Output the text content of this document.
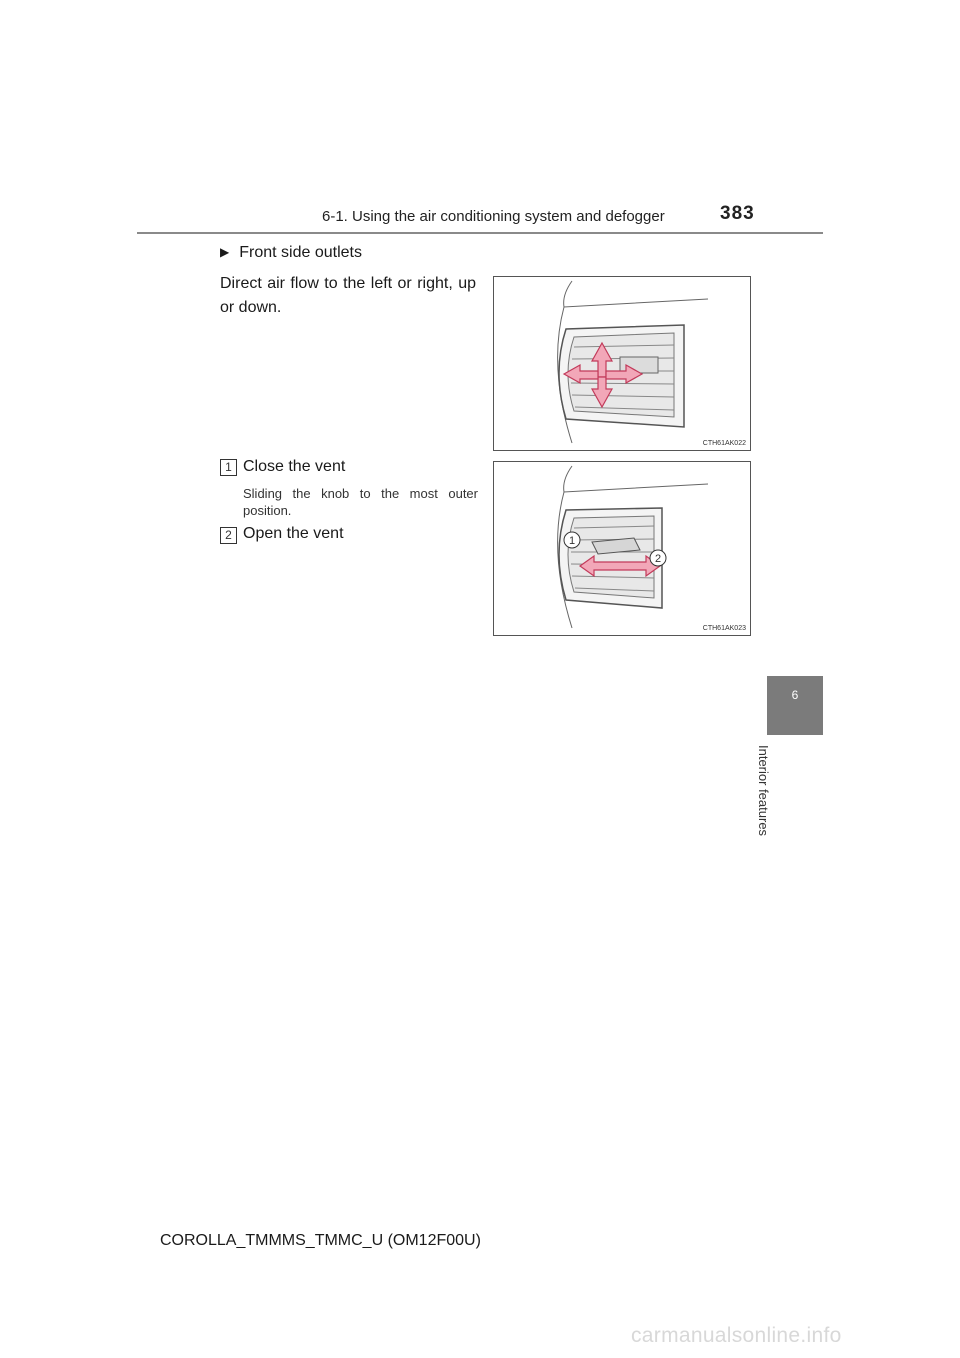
6-1. Using the air conditioning system and defogger	383
6
Interior features
▶ Front side outlets
Direct air flow to the left or right, up or down.
1 Close the vent
Sliding the knob to the most outer position.
2 Open the vent
CTH61AK022
1
2
CTH61AK023
COROLLA_TMMMS_TMMC_U (OM12F00U)
carmanualsonline.info
